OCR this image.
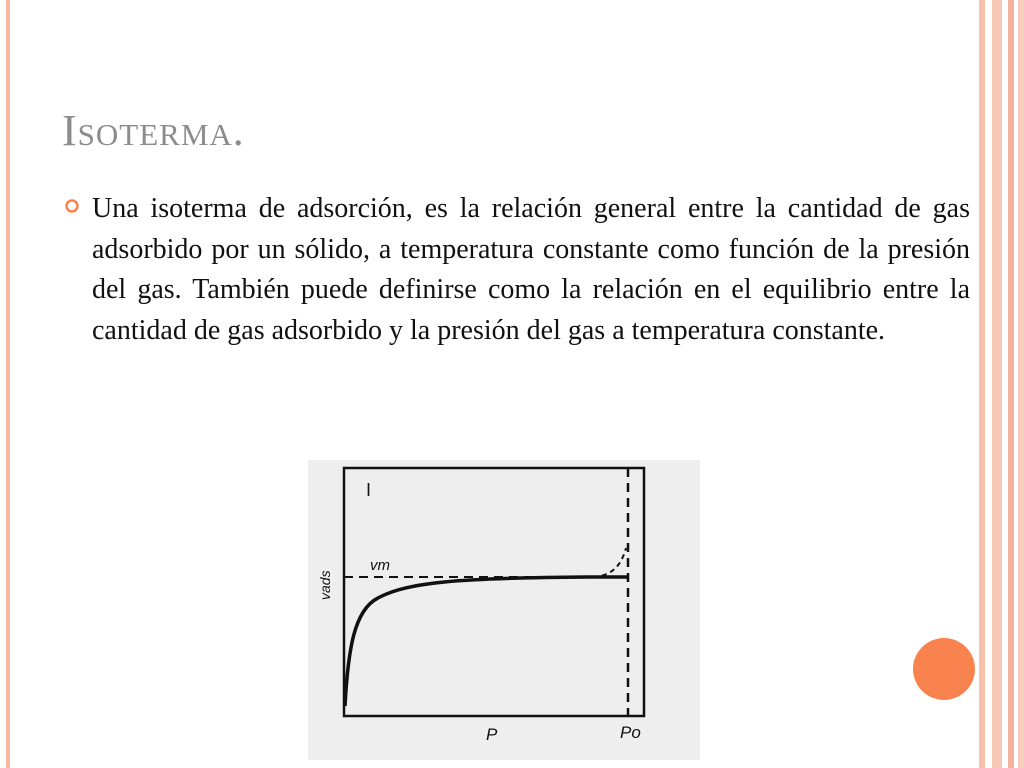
Isoterma.
Una isoterma de adsorción, es la relación general entre la cantidad de gas adsorbido por un sólido, a temperatura constante como función de la presión del gas. También puede definirse como la relación en el equilibrio entre la cantidad de gas adsorbido y la presión del gas a temperatura constante.
I
vm
vads
P	Po
